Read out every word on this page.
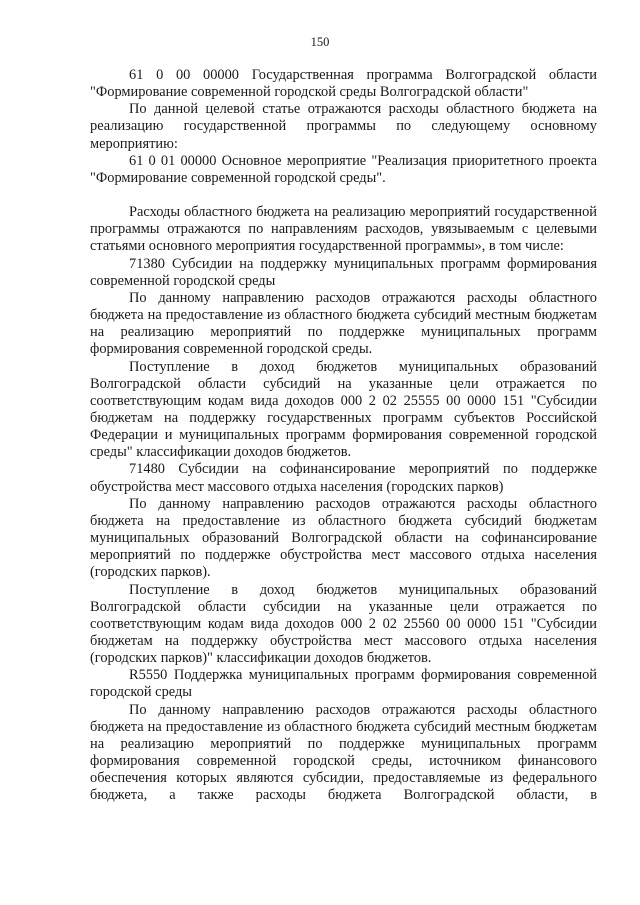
150

61 0 00 00000 Государственная программа Волгоградской области "Формирование современной городской среды Волгоградской области"

По данной целевой статье отражаются расходы областного бюджета на реализацию государственной программы по следующему основному мероприятию:

61 0 01 00000 Основное мероприятие "Реализация приоритетного проекта "Формирование современной городской среды".

Расходы областного бюджета на реализацию мероприятий государственной программы отражаются по направлениям расходов, увязываемым с целевыми статьями основного мероприятия государственной программы», в том числе:

71380 Субсидии на поддержку муниципальных программ формирования современной городской среды

По данному направлению расходов отражаются расходы областного бюджета на предоставление из областного бюджета субсидий местным бюджетам на реализацию мероприятий по поддержке муниципальных программ формирования современной городской среды.

Поступление в доход бюджетов муниципальных образований Волгоградской области субсидий на указанные цели отражается по соответствующим кодам вида доходов 000 2 02 25555 00 0000 151 "Субсидии бюджетам на поддержку государственных программ субъектов Российской Федерации и муниципальных программ формирования современной городской среды" классификации доходов бюджетов.

71480 Субсидии на софинансирование мероприятий по поддержке обустройства мест массового отдыха населения (городских парков)

По данному направлению расходов отражаются расходы областного бюджета на предоставление из областного бюджета субсидий бюджетам муниципальных образований Волгоградской области на софинансирование мероприятий по поддержке обустройства мест массового отдыха населения (городских парков).

Поступление в доход бюджетов муниципальных образований Волгоградской области субсидии на указанные цели отражается по соответствующим кодам вида доходов 000 2 02 25560 00 0000 151 "Субсидии бюджетам на поддержку обустройства мест массового отдыха населения (городских парков)" классификации доходов бюджетов.

R5550 Поддержка муниципальных программ формирования современной городской среды

По данному направлению расходов отражаются расходы областного бюджета на предоставление из областного бюджета субсидий местным бюджетам на реализацию мероприятий по поддержке муниципальных программ формирования современной городской среды, источником финансового обеспечения которых являются субсидии, предоставляемые из федерального бюджета, а также расходы бюджета Волгоградской области, в
